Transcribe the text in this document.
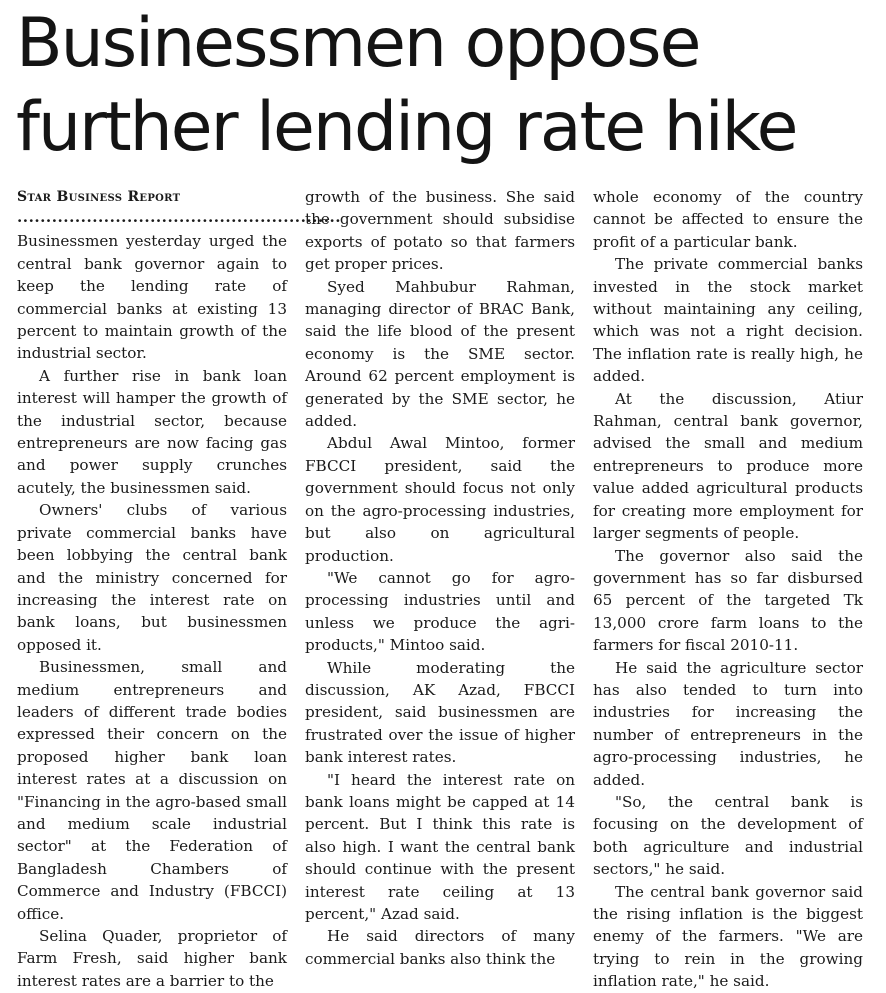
Businessmen oppose
further lending rate hike
Star Business Report
........................................................

Businessmen yesterday urged the central bank governor again to keep the lending rate of commercial banks at existing 13 percent to maintain growth of the industrial sector.

A further rise in bank loan interest will hamper the growth of the industrial sector, because entrepreneurs are now facing gas and power supply crunches acutely, the businessmen said.

Owners' clubs of various private commercial banks have been lobbying the central bank and the ministry concerned for increasing the interest rate on bank loans, but businessmen opposed it.

Businessmen, small and medium entrepreneurs and leaders of different trade bodies expressed their concern on the proposed higher bank loan interest rates at a discussion on "Financing in the agro-based small and medium scale industrial sector" at the Federation of Bangladesh Chambers of Commerce and Industry (FBCCI) office.

Selina Quader, proprietor of Farm Fresh, said higher bank interest rates are a barrier to the

growth of the business. She said the government should subsidise exports of potato so that farmers get proper prices.

Syed Mahbubur Rahman, managing director of BRAC Bank, said the life blood of the present economy is the SME sector. Around 62 percent employment is generated by the SME sector, he added.

Abdul Awal Mintoo, former FBCCI president, said the government should focus not only on the agro-processing industries, but also on agricultural production.

"We cannot go for agro-processing industries until and unless we produce the agri-products," Mintoo said.

While moderating the discussion, AK Azad, FBCCI president, said businessmen are frustrated over the issue of higher bank interest rates.

"I heard the interest rate on bank loans might be capped at 14 percent. But I think this rate is also high. I want the central bank should continue with the present interest rate ceiling at 13 percent," Azad said.

He said directors of many commercial banks also think the

whole economy of the country cannot be affected to ensure the profit of a particular bank.

The private commercial banks invested in the stock market without maintaining any ceiling, which was not a right decision. The inflation rate is really high, he added.

At the discussion, Atiur Rahman, central bank governor, advised the small and medium entrepreneurs to produce more value added agricultural products for creating more employment for larger segments of people.

The governor also said the government has so far disbursed 65 percent of the targeted Tk 13,000 crore farm loans to the farmers for fiscal 2010-11.

He said the agriculture sector has also tended to turn into industries for increasing the number of entrepreneurs in the agro-processing industries, he added.

"So, the central bank is focusing on the development of both agriculture and industrial sectors," he said.

The central bank governor said the rising inflation is the biggest enemy of the farmers. "We are trying to rein in the growing inflation rate," he said.
